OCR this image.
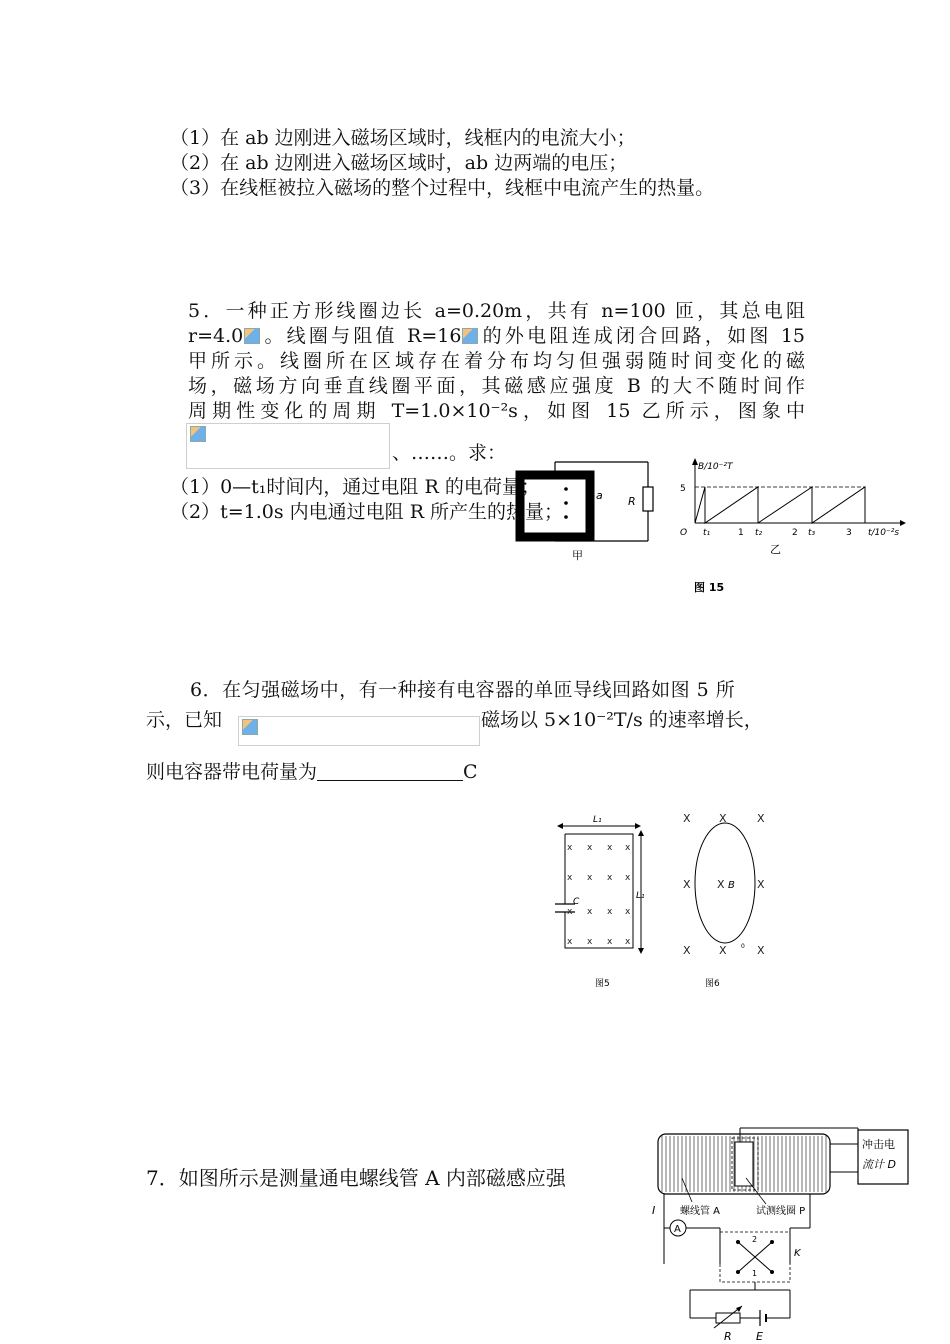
（1）在 ab 边刚进入磁场区域时，线框内的电流大小；
（2）在 ab 边刚进入磁场区域时，ab 边两端的电压；
（3）在线框被拉入磁场的整个过程中，线框中电流产生的热量。
5．一种正方形线圈边长 a=0.20m，共有 n=100 匝，其总电阻
r=4.0 。线圈与阻值 R=16 的外电阻连成闭合回路，如图 15
甲所示。线圈所在区域存在着分布均匀但强弱随时间变化的磁
场，磁场方向垂直线圈平面，其磁感应强度 B 的大不随时间作
周期性变化的周期 T=1.0×10⁻²s，如图 15 乙所示，图象中
、……。求：
（1）0—t₁时间内，通过电阻 R 的电荷量；
（2）t=1.0s 内电通过电阻 R 所产生的热量；
a R
甲
B/10⁻²T
5
O t₁	1 t₂	2 t₃	3 t/10⁻²s
乙
图 15
6．在匀强磁场中，有一种接有电容器的单匝导线回路如图 5 所
示，已知	磁场以 5×10⁻²T/s 的速率增长，
则电容器带电荷量为	C
L₁
C
L₁
x x x x
x x x x
x x x x
x x x x
图5
X	X	X
X X	X
X	X	X
B
0
图6
7．如图所示是测量通电螺线管 A 内部磁感应强
冲击电
流计 D
螺线管 A	试测线圈 P
I
A
2
1
K
R E
